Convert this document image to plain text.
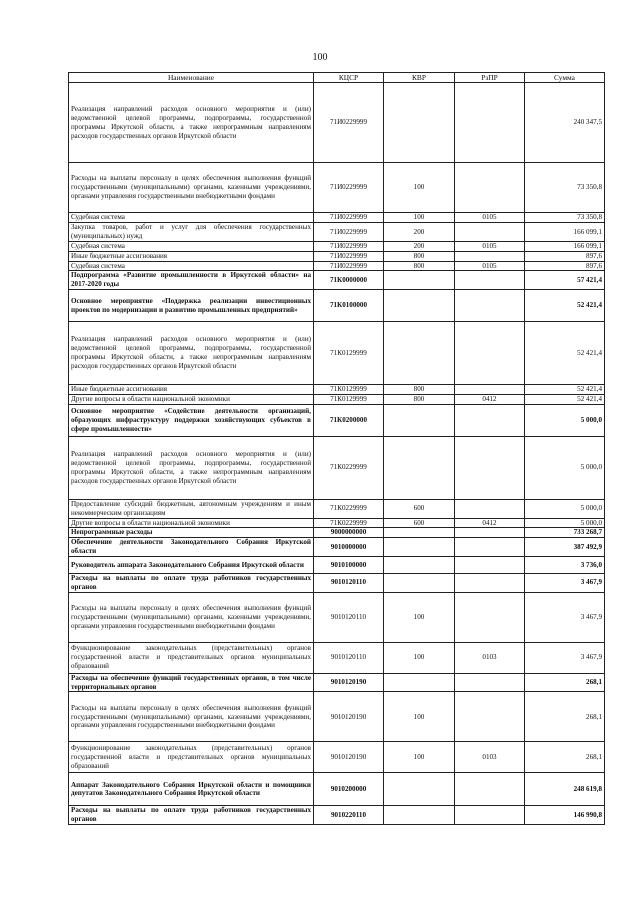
100
Наименование	КЦСР	КВР	РзПР	Сумма
Реализация направлений расходов основного мероприятия и (или) ведомственной целевой программы, подпрограммы, государственной программы Иркутской области, а также непрограммным направлениям расходов государственных органов Иркутской области	71И0229999			240 347,5
Расходы на выплаты персоналу в целях обеспечения выполнения функций государственными (муниципальными) органами, казенными учреждениями, органами управления государственными внебюджетными фондами	71И0229999	100		73 350,8
Судебная система	71И0229999	100	0105	73 350,8
Закупка товаров, работ и услуг для обеспечения государственных (муниципальных) нужд	71И0229999	200		166 099,1
Судебная система	71И0229999	200	0105	166 099,1
Иные бюджетные ассигнования	71И0229999	800		897,6
Судебная система	71И0229999	800	0105	897,6
Подпрограмма «Развитие промышленности в Иркутской области» на 2017-2020 годы	71К0000000			57 421,4
Основное мероприятие «Поддержка реализации инвестиционных проектов по модернизации и развитию промышленных предприятий»	71К0100000			52 421,4
Реализация направлений расходов основного мероприятия и (или) ведомственной целевой программы, подпрограммы, государственной программы Иркутской области, а также непрограммным направлениям расходов государственных органов Иркутской области	71К0129999			52 421,4
Иные бюджетные ассигнования	71К0129999	800		52 421,4
Другие вопросы в области национальной экономики	71К0129999	800	0412	52 421,4
Основное мероприятие «Содействие деятельности организаций, образующих инфраструктуру поддержки хозяйствующих субъектов в сфере промышленности»	71К0200000			5 000,0
Реализация направлений расходов основного мероприятия и (или) ведомственной целевой программы, подпрограммы, государственной программы Иркутской области, а также непрограммным направлениям расходов государственных органов Иркутской области	71К0229999			5 000,0
Предоставление субсидий бюджетным, автономным учреждениям и иным некоммерческим организациям	71К0229999	600		5 000,0
Другие вопросы в области национальной экономики	71К0229999	600	0412	5 000,0
Непрограммные расходы	9000000000			733 268,7
Обеспечение деятельности Законодательного Собрания Иркутской области	9010000000			387 492,9
Руководитель аппарата Законодательного Собрания Иркутской области	9010100000			3 736,0
Расходы на выплаты по оплате труда работников государственных органов	9010120110			3 467,9
Расходы на выплаты персоналу в целях обеспечения выполнения функций государственными (муниципальными) органами, казенными учреждениями, органами управления государственными внебюджетными фондами	9010120110	100		3 467,9
Функционирование законодательных (представительных) органов государственной власти и представительных органов муниципальных образований	9010120110	100	0103	3 467,9
Расходы на обеспечение функций государственных органов, в том числе территориальных органов	9010120190			268,1
Расходы на выплаты персоналу в целях обеспечения выполнения функций государственными (муниципальными) органами, казенными учреждениями, органами управления государственными внебюджетными фондами	9010120190	100		268,1
Функционирование законодательных (представительных) органов государственной власти и представительных органов муниципальных образований	9010120190	100	0103	268,1
Аппарат Законодательного Собрания Иркутской области и помощники депутатов Законодательного Собрания Иркутской области	9010200000			248 619,8
Расходы на выплаты по оплате труда работников государственных органов	9010220110			146 990,8
